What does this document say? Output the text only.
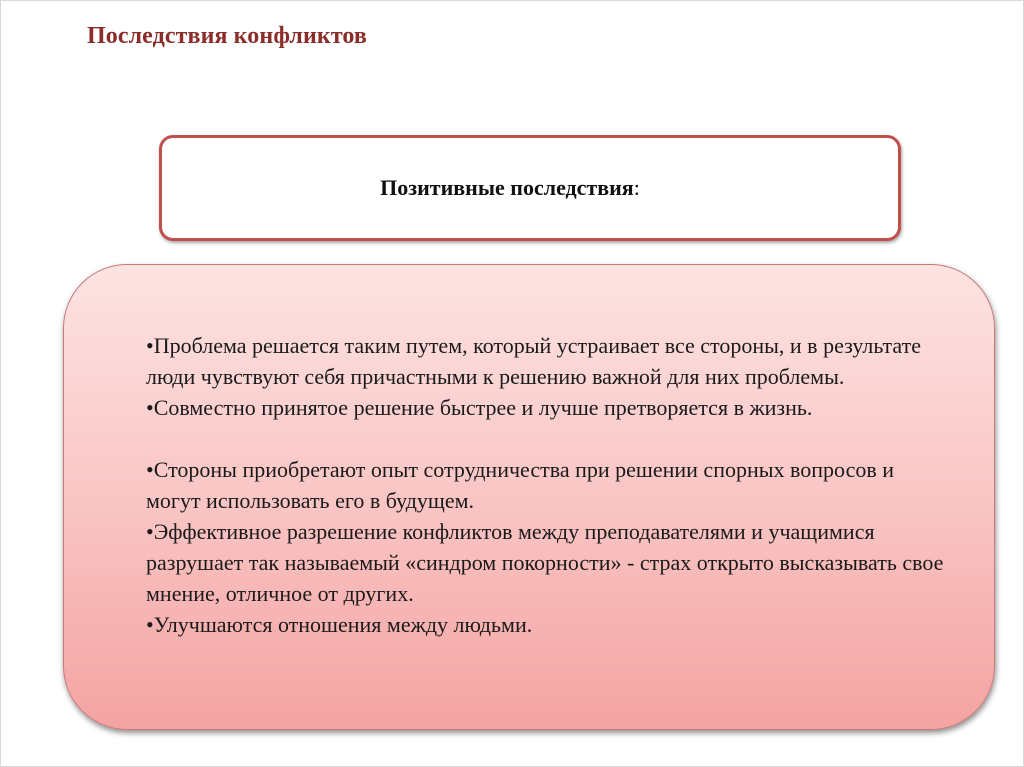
Последствия конфликтов
Позитивные последствия:

•Проблема решается таким путем, который устраивает все стороны, и в результате люди чувствуют себя причастными к решению важной для них проблемы.

•Совместно принятое решение быстрее и лучше претворяется в жизнь.

•Стороны приобретают опыт сотрудничества при решении спорных вопросов и могут использовать его в будущем.

•Эффективное разрешение конфликтов между преподавателями и учащимися разрушает так называемый «синдром покорности» - страх открыто высказывать свое мнение, отличное от других.

•Улучшаются отношения между людьми.
